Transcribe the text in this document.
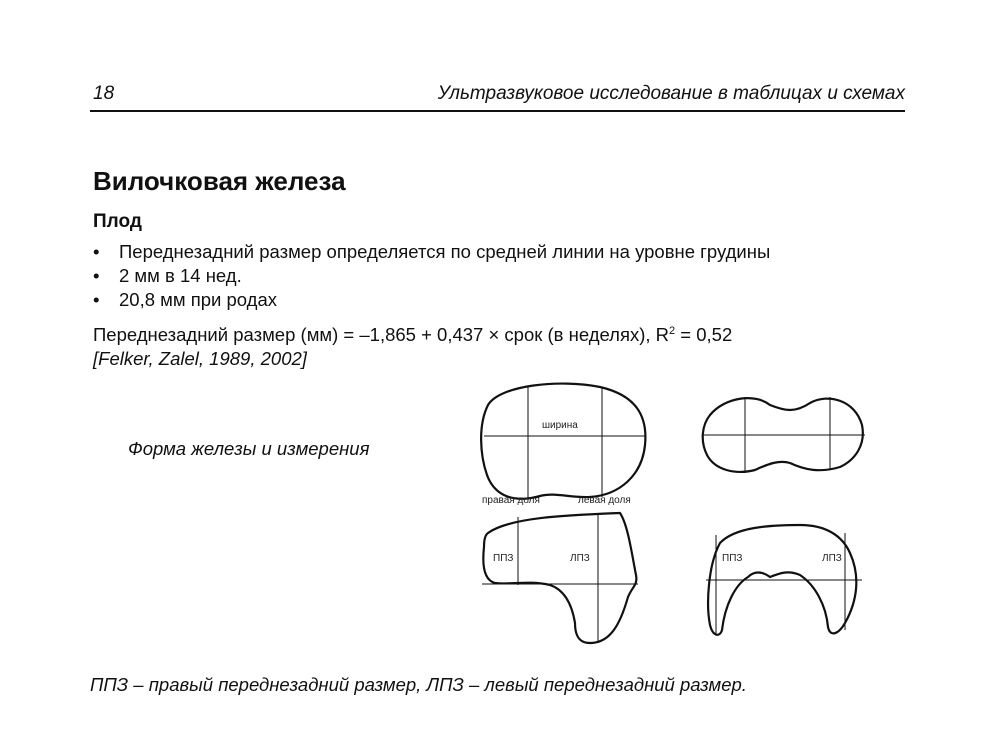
18	Ультразвуковое исследование в таблицах и схемах
Вилочковая железа
Плод
• Переднезадний размер определяется по средней линии на уровне грудины
• 2 мм в 14 нед.
• 20,8 мм при родах
Переднезадний размер (мм) = –1,865 + 0,437 × срок (в неделях), $R^2 = 0,52$
[Felker, Zalel, 1989, 2002]
Форма железы и измерения
ширина
правая доля	левая доля
ППЗ	ЛПЗ	ППЗ	ЛПЗ
ППЗ – правый переднезадний размер, ЛПЗ – левый переднезадний размер.
